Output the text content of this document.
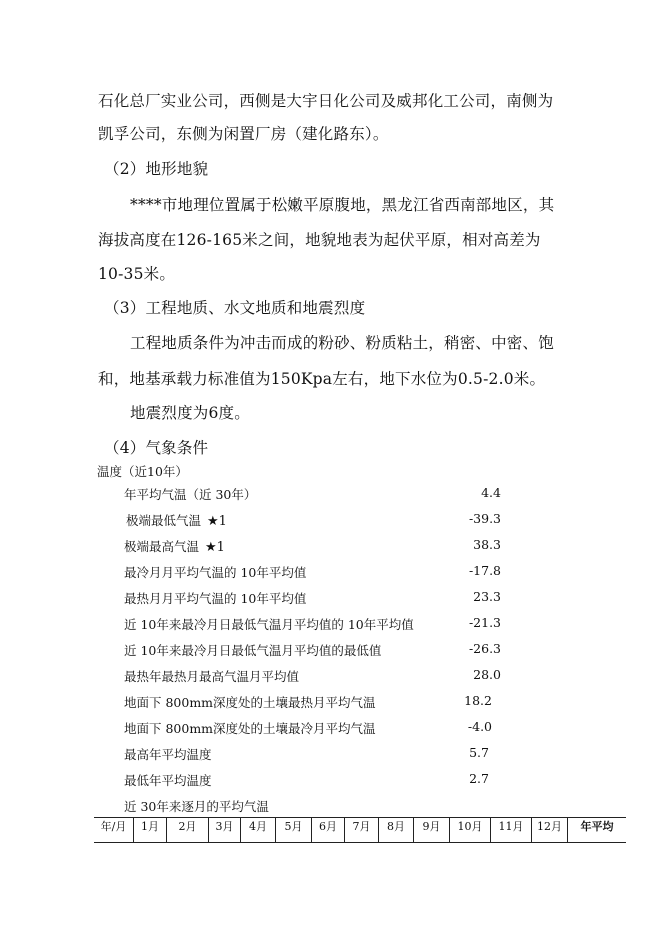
石化总厂实业公司，西侧是大宇日化公司及威邦化工公司，南侧为
凯孚公司，东侧为闲置厂房（建化路东）。
（2）地形地貌
****市地理位置属于松嫩平原腹地，黑龙江省西南部地区，其
海拔高度在126-165米之间，地貌地表为起伏平原，相对高差为
10-35米。
（3）工程地质、水文地质和地震烈度
工程地质条件为冲击而成的粉砂、粉质粘土，稍密、中密、饱
和，地基承载力标准值为150Kpa左右，地下水位为0.5-2.0米。
地震烈度为6度。
（4）气象条件
温度（近10年）
年平均气温（近 30年）	4.4
极端最低气温 ★1	-39.3
极端最高气温 ★1	38.3
最冷月月平均气温的 10年平均值	-17.8
最热月月平均气温的 10年平均值	23.3
近 10年来最冷月日最低气温月平均值的 10年平均值	-21.3
近 10年来最冷月日最低气温月平均值的最低值	-26.3
最热年最热月最高气温月平均值	28.0
地面下 800mm深度处的土壤最热月平均气温	18.2
地面下 800mm深度处的土壤最冷月平均气温	-4.0
最高年平均温度	5.7
最低年平均温度	2.7
近 30年来逐月的平均气温
年/月	1月	2月	3月	4月	5月	6月	7月	8月	9月	10月	11月	12月	年平均
